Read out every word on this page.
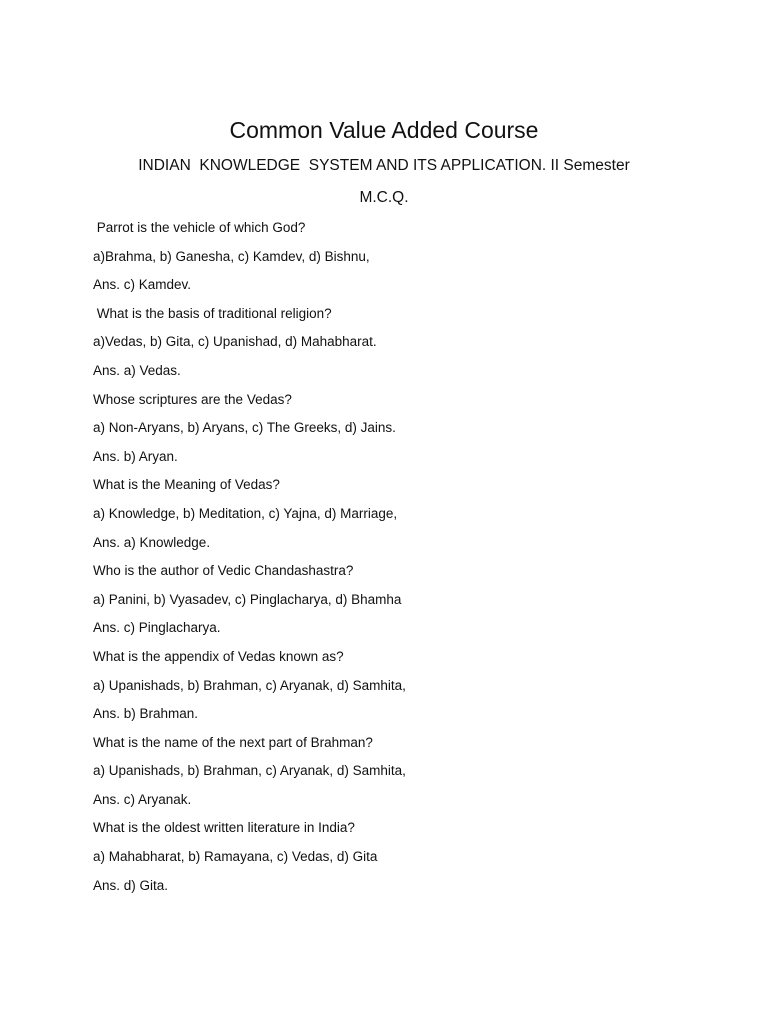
Common Value Added Course

INDIAN  KNOWLEDGE  SYSTEM AND ITS APPLICATION. II Semester

M.C.Q.

Parrot is the vehicle of which God?
a)Brahma, b) Ganesha, c) Kamdev, d) Bishnu,
Ans. c) Kamdev.
What is the basis of traditional religion?
a)Vedas, b) Gita, c) Upanishad, d) Mahabharat.
Ans. a) Vedas.
Whose scriptures are the Vedas?
a) Non-Aryans, b) Aryans, c) The Greeks, d) Jains.
Ans. b) Aryan.
What is the Meaning of Vedas?
a) Knowledge, b) Meditation, c) Yajna, d) Marriage,
Ans. a) Knowledge.
Who is the author of Vedic Chandashastra?
a) Panini, b) Vyasadev, c) Pinglacharya, d) Bhamha
Ans. c) Pinglacharya.
What is the appendix of Vedas known as?
a) Upanishads, b) Brahman, c) Aryanak, d) Samhita,
Ans. b) Brahman.
What is the name of the next part of Brahman?
a) Upanishads, b) Brahman, c) Aryanak, d) Samhita,
Ans. c) Aryanak.
What is the oldest written literature in India?
a) Mahabharat, b) Ramayana, c) Vedas, d) Gita
Ans. d) Gita.
